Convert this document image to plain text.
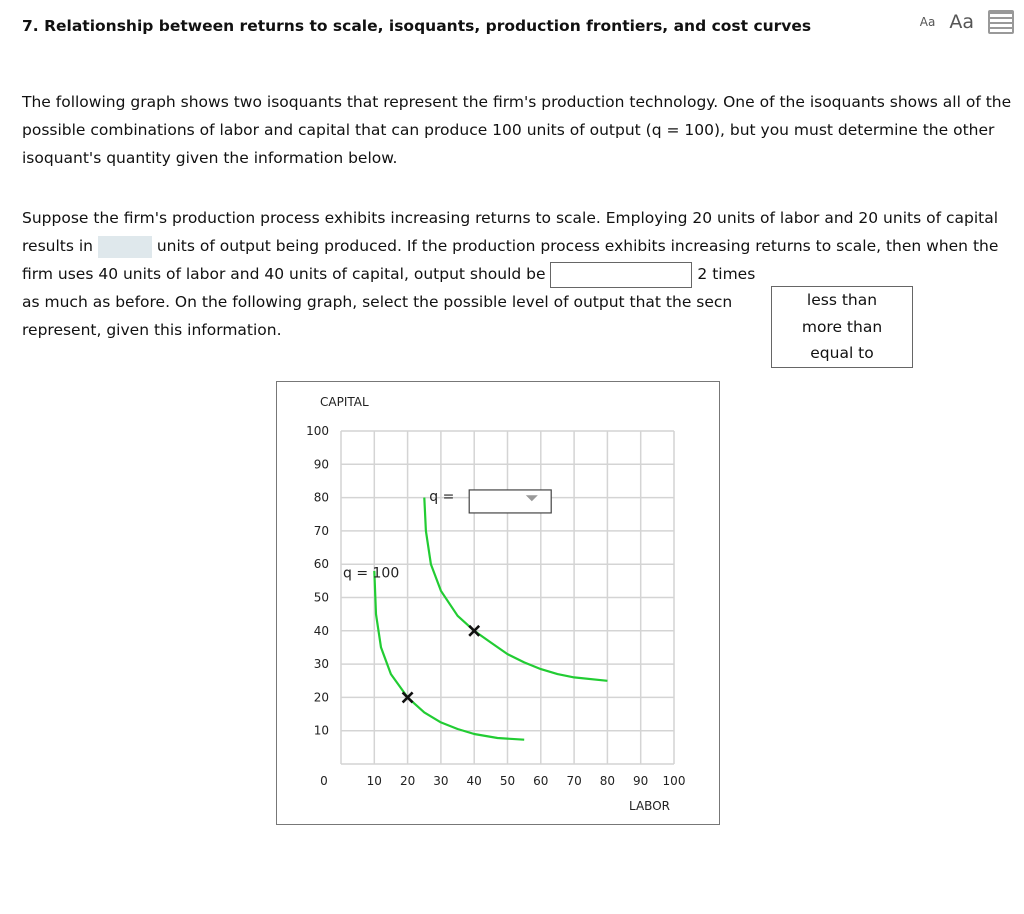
7. Relationship between returns to scale, isoquants, production frontiers, and cost curves	Aa Aa
The following graph shows two isoquants that represent the firm's production technology. One of the isoquants shows all of the possible combinations of labor and capital that can produce 100 units of output (q = 100), but you must determine the other isoquant's quantity given the information below.
Suppose the firm's production process exhibits increasing returns to scale. Employing 20 units of labor and 20 units of capital results in	units of output being produced. If the production process exhibits increasing returns to scale, then when the firm uses 40 units of labor and 40 units of capital, output should be	2 times as much as before. On the following graph, select the possible level of output that the secn represent, given this information.
less than
more than
equal to
CAPITAL
LABOR
10
20
30
40
50
60
70
80
90
100
0	10 20 30 40 50 60 70 80 90 100
q = 100
q =
